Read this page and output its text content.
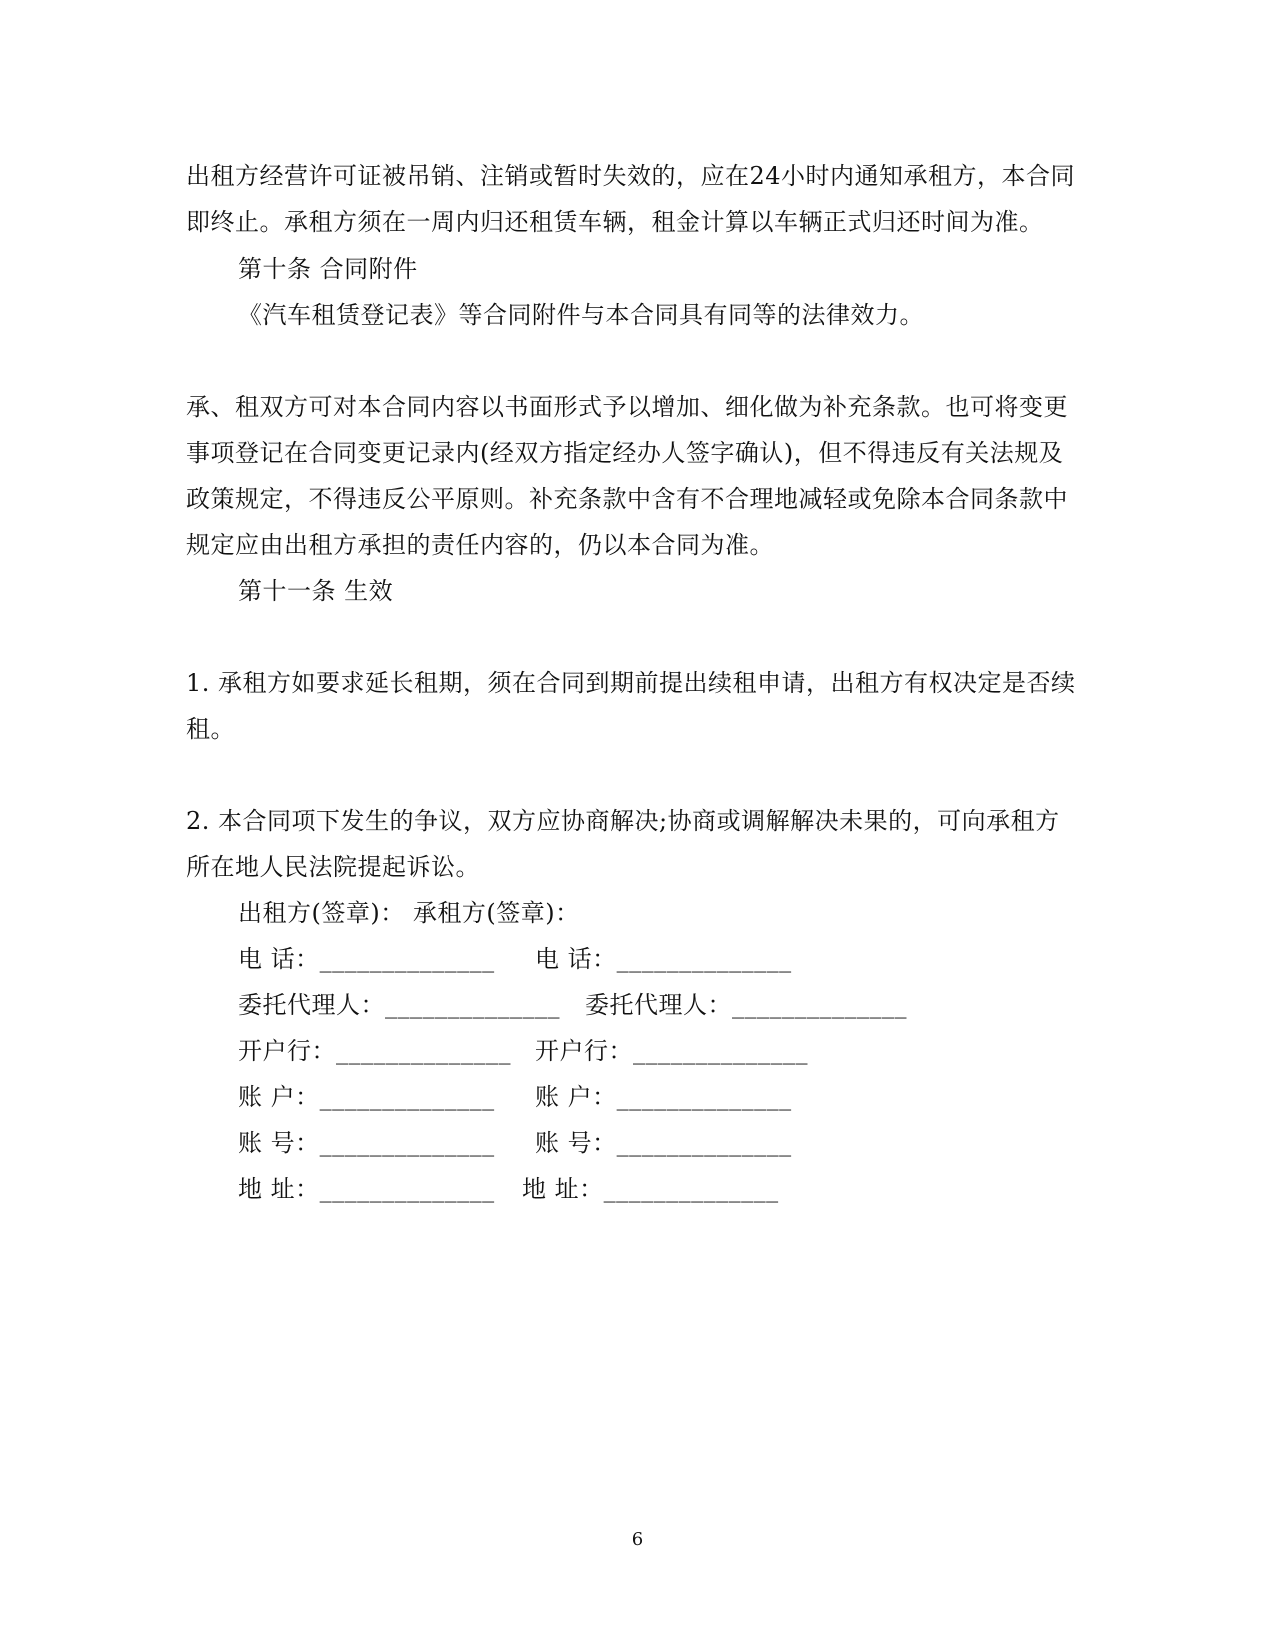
出租方经营许可证被吊销、注销或暂时失效的，应在24小时内通知承租方，本合同
即终止。承租方须在一周内归还租赁车辆，租金计算以车辆正式归还时间为准。
第十条 合同附件
《汽车租赁登记表》等合同附件与本合同具有同等的法律效力。
承、租双方可对本合同内容以书面形式予以增加、细化做为补充条款。也可将变更
事项登记在合同变更记录内(经双方指定经办人签字确认)，但不得违反有关法规及
政策规定，不得违反公平原则。补充条款中含有不合理地减轻或免除本合同条款中
规定应由出租方承担的责任内容的，仍以本合同为准。
第十一条 生效
1. 承租方如要求延长租期，须在合同到期前提出续租申请，出租方有权决定是否续
租。
2. 本合同项下发生的争议，双方应协商解决;协商或调解解决未果的，可向承租方
所在地人民法院提起诉讼。
出租方(签章)： 承租方(签章)：
电 话：______________ 电 话：______________
委托代理人：______________ 委托代理人：______________
开户行：______________ 开户行：______________
账 户：______________ 账 户：______________
账 号：______________ 账 号：______________
地 址：______________ 地 址：______________
6
